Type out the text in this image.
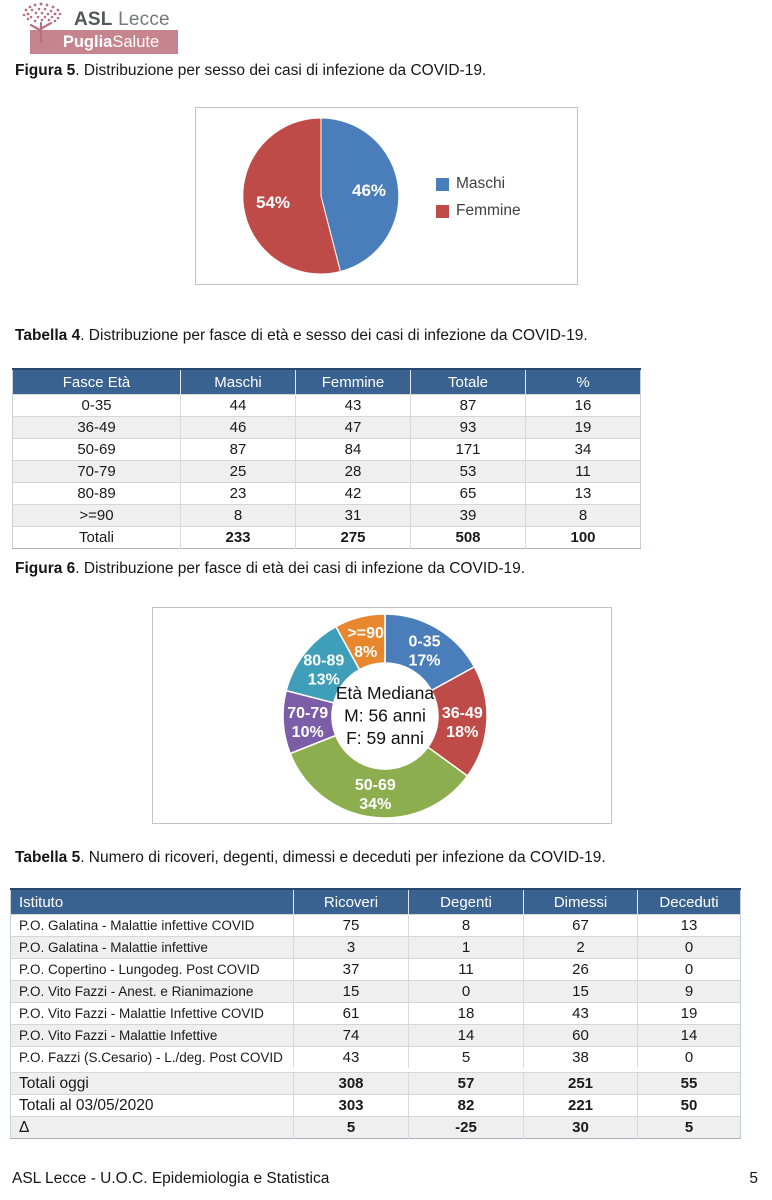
ASL Lecce
Puglia Salute

Figura 5. Distribuzione per sesso dei casi di infezione da COVID-19.

46%
54%
Maschi
Femmine

Tabella 4. Distribuzione per fasce di età e sesso dei casi di infezione da COVID-19.

Fasce Età	Maschi	Femmine	Totale	%
0-35	44	43	87	16
36-49	46	47	93	19
50-69	87	84	171	34
70-79	25	28	53	11
80-89	23	42	65	13
>=90	8	31	39	8
Totali	233	275	508	100

Figura 6. Distribuzione per fasce di età dei casi di infezione da COVID-19.

0-35 17%
36-49 18%
50-69 34%
70-79 10%
80-89 13%
>=90 8%
Età Mediana
M: 56 anni
F: 59 anni

Tabella 5. Numero di ricoveri, degenti, dimessi e deceduti per infezione da COVID-19.

Istituto	Ricoveri	Degenti	Dimessi	Deceduti
P.O. Galatina - Malattie infettive COVID	75	8	67	13
P.O. Galatina - Malattie infettive	3	1	2	0
P.O. Copertino - Lungodeg. Post COVID	37	11	26	0
P.O. Vito Fazzi - Anest. e Rianimazione	15	0	15	9
P.O. Vito Fazzi - Malattie Infettive COVID	61	18	43	19
P.O. Vito Fazzi - Malattie Infettive	74	14	60	14
P.O. Fazzi (S.Cesario) - L./deg. Post COVID	43	5	38	0

Totali oggi	308	57	251	55
Totali al 03/05/2020	303	82	221	50
Δ	5	-25	30	5
ASL Lecce - U.O.C. Epidemiologia e Statistica	5
